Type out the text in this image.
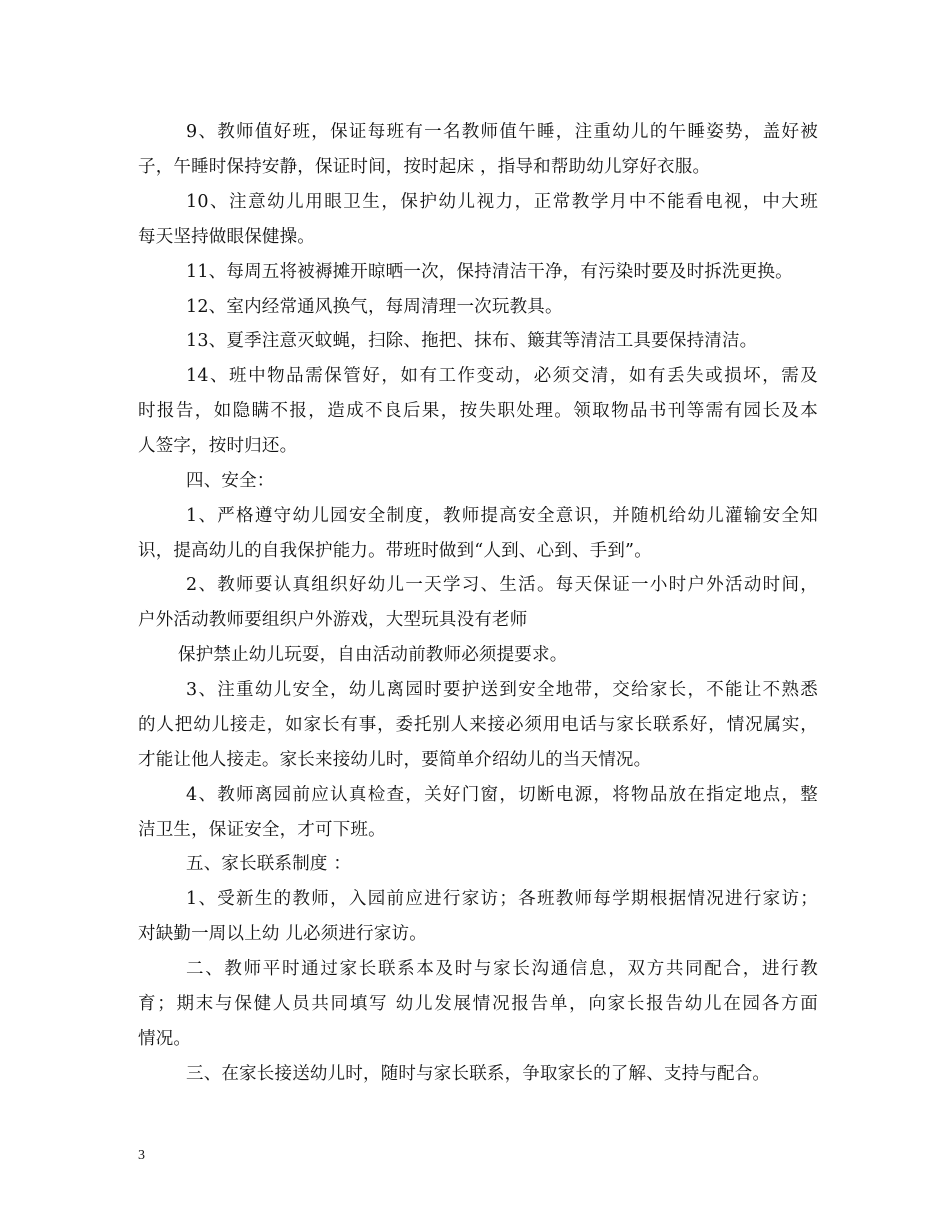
9、教师值好班，保证每班有一名教师值午睡，注重幼儿的午睡姿势，盖好被
子，午睡时保持安静，保证时间，按时起床 ，指导和帮助幼儿穿好衣服。
10、注意幼儿用眼卫生，保护幼儿视力，正常教学月中不能看电视，中大班
每天坚持做眼保健操。
11、每周五将被褥摊开晾晒一次，保持清洁干净，有污染时要及时拆洗更换。
12、室内经常通风换气，每周清理一次玩教具。
13、夏季注意灭蚊蝇，扫除、拖把、抹布、簸萁等清洁工具要保持清洁。
14、班中物品需保管好，如有工作变动，必须交清，如有丢失或损坏，需及
时报告，如隐瞒不报，造成不良后果，按失职处理。领取物品书刊等需有园长及本
人签字，按时归还。
四、安全：
1、严格遵守幼儿园安全制度，教师提高安全意识，并随机给幼儿灌输安全知
识，提高幼儿的自我保护能力。带班时做到“人到、心到、手到”。
2、教师要认真组织好幼儿一天学习、生活。每天保证一小时户外活动时间，
户外活动教师要组织户外游戏，大型玩具没有老师
保护禁止幼儿玩耍，自由活动前教师必须提要求。
3、注重幼儿安全，幼儿离园时要护送到安全地带，交给家长，不能让不熟悉
的人把幼儿接走，如家长有事，委托别人来接必须用电话与家长联系好，情况属实，
才能让他人接走。家长来接幼儿时，要简单介绍幼儿的当天情况。
4、教师离园前应认真检查，关好门窗，切断电源，将物品放在指定地点，整
洁卫生，保证安全，才可下班。
五、家长联系制度 ：
1、受新生的教师，入园前应进行家访；各班教师每学期根据情况进行家访；
对缺勤一周以上幼 儿必须进行家访。
二、教师平时通过家长联系本及时与家长沟通信息，双方共同配合，进行教
育；期末与保健人员共同填写 幼儿发展情况报告单，向家长报告幼儿在园各方面
情况。
三、在家长接送幼儿时，随时与家长联系，争取家长的了解、支持与配合。
3
